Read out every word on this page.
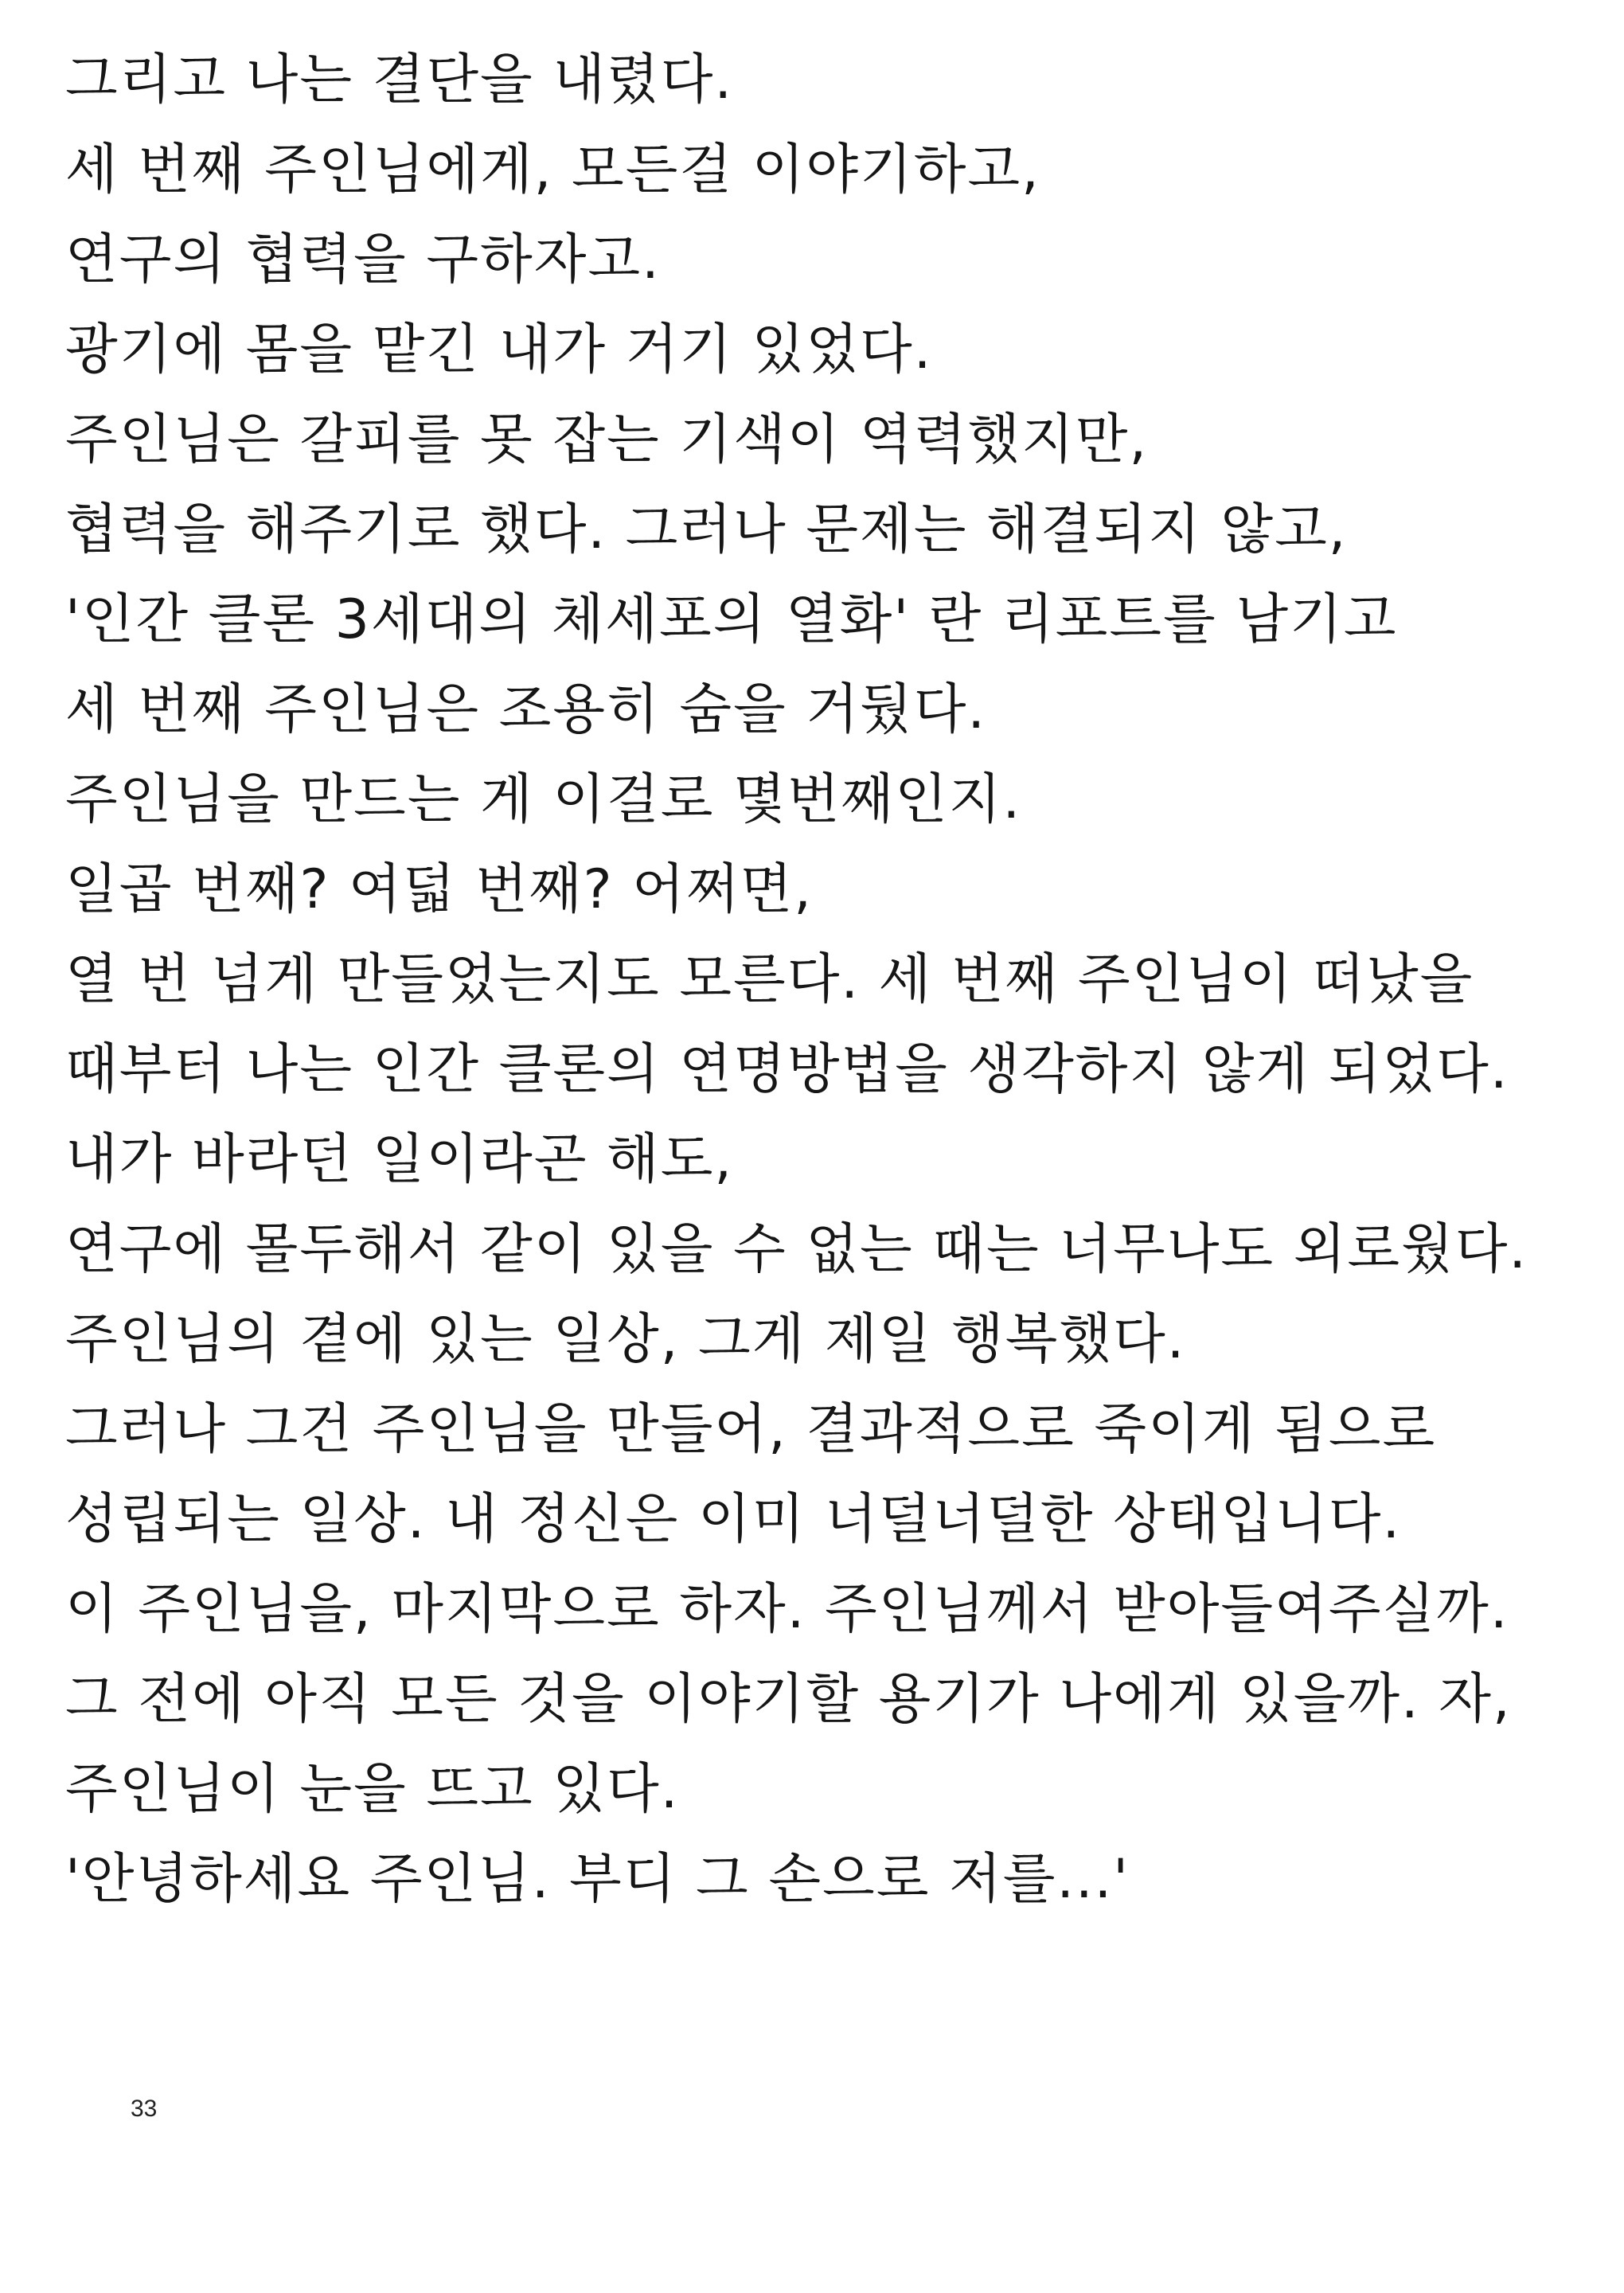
그리고 나는 결단을 내렸다.
세 번째 주인님에게, 모든걸 이야기하고,
연구의 협력을 구하자고.
광기에 몸을 맡긴 내가 거기 있었다.
주인님은 갈피를 못 잡는 기색이 역력했지만,
협력을 해주기로 했다. 그러나 문제는 해결되지 않고,
'인간 클론 3세대의 체세포의 열화' 란 리포트를 남기고
세 번째 주인님은 조용히 숨을 거뒀다.
주인님을 만드는 게 이걸로 몇번째인지.
일곱 번째? 여덟 번째? 어쩌면,
열 번 넘게 만들었는지도 모른다. 세 번째 주인님이 떠났을
때부터 나는 인간 클론의 연명방법을 생각하지 않게 되었다.
내가 바라던 일이라곤 해도,
연구에 몰두해서 같이 있을 수 없는 때는 너무나도 외로웠다.
주인님의 곁에 있는 일상, 그게 제일 행복했다.
그러나 그건 주인님을 만들어, 결과적으로 죽이게 됨으로
성립되는 일상. 내 정신은 이미 너덜너덜한 상태입니다.
이 주인님을, 마지막으로 하자. 주인님께서 받아들여주실까.
그 전에 아직 모든 것을 이야기할 용기가 나에게 있을까. 자,
주인님이 눈을 뜨고 있다.
'안녕하세요 주인님. 부디 그 손으로 저를...'
33
